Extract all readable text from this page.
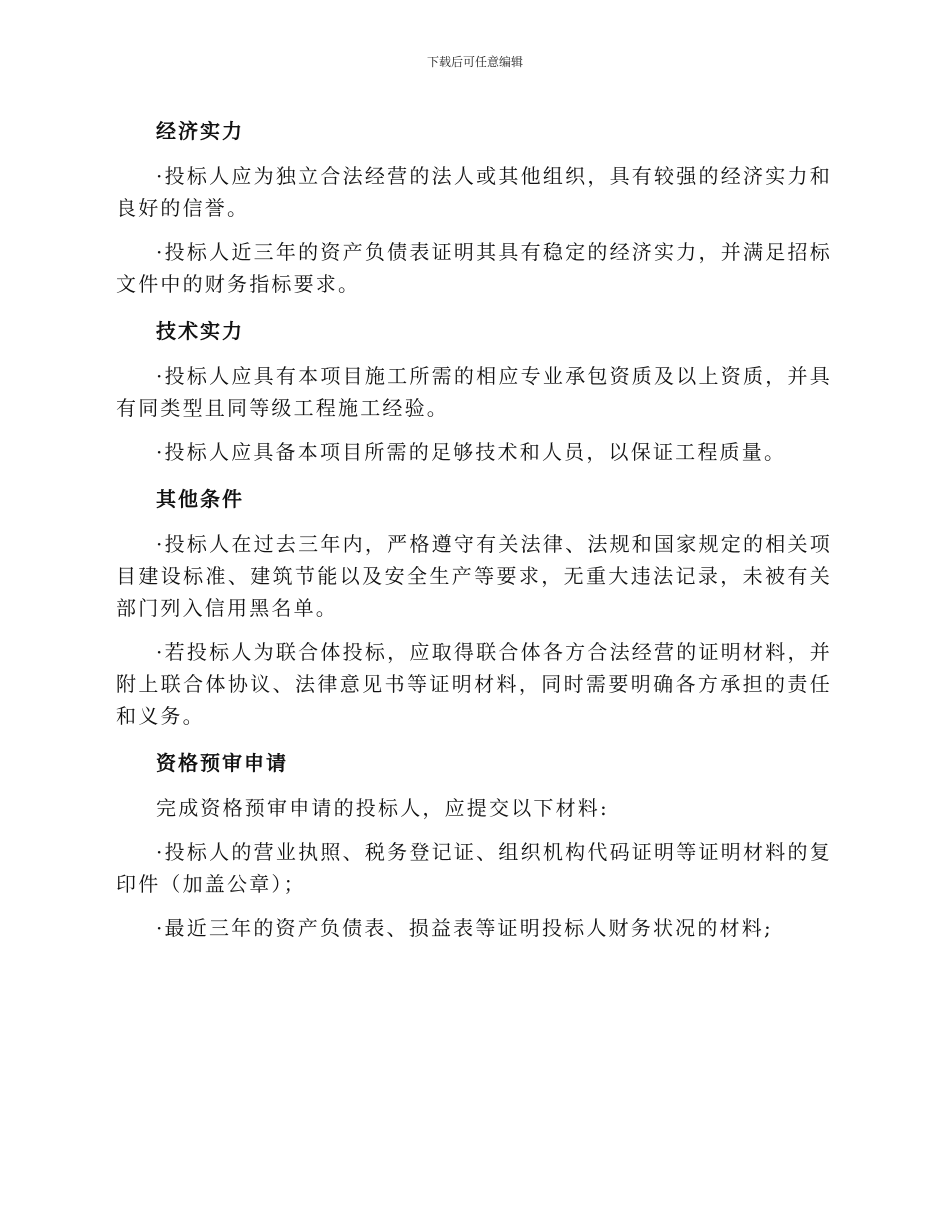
下载后可任意编辑
经济实力

·投标人应为独立合法经营的法人或其他组织，具有较强的经济实力和良好的信誉。

·投标人近三年的资产负债表证明其具有稳定的经济实力，并满足招标文件中的财务指标要求。

技术实力

·投标人应具有本项目施工所需的相应专业承包资质及以上资质，并具有同类型且同等级工程施工经验。

·投标人应具备本项目所需的足够技术和人员，以保证工程质量。

其他条件

·投标人在过去三年内，严格遵守有关法律、法规和国家规定的相关项目建设标准、建筑节能以及安全生产等要求，无重大违法记录，未被有关部门列入信用黑名单。

·若投标人为联合体投标，应取得联合体各方合法经营的证明材料，并附上联合体协议、法律意见书等证明材料，同时需要明确各方承担的责任和义务。

资格预审申请

完成资格预审申请的投标人，应提交以下材料:

·投标人的营业执照、税务登记证、组织机构代码证明等证明材料的复印件（加盖公章）；

·最近三年的资产负债表、损益表等证明投标人财务状况的材料;
